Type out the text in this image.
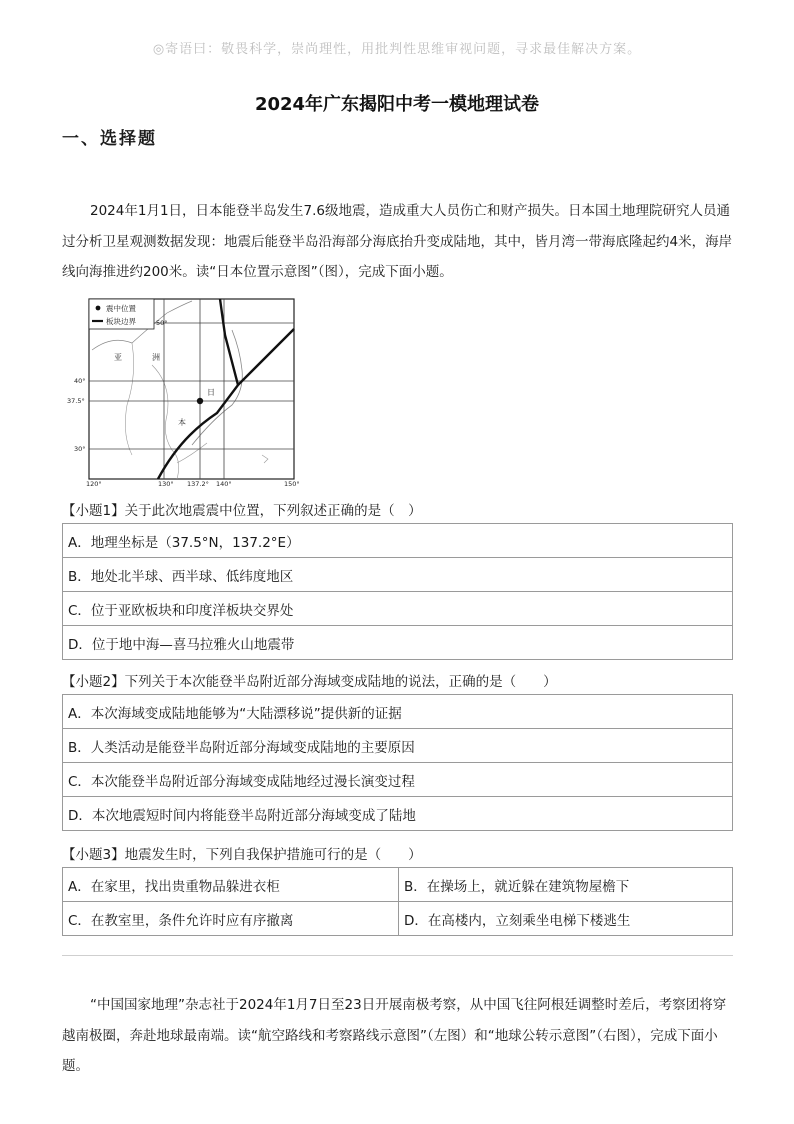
◎寄语曰：敬畏科学，崇尚理性，用批判性思维审视问题，寻求最佳解决方案。
2024年广东揭阳中考一模地理试卷
一、选择题

2024年1月1日，日本能登半岛发生7.6级地震，造成重大人员伤亡和财产损失。日本国土地理院研究人员通过分析卫星观测数据发现：地震后能登半岛沿海部分海底抬升变成陆地，其中，皆月湾一带海底隆起约4米，海岸线向海推进约200米。读“日本位置示意图”（图），完成下面小题。

震中位置
板块边界	50°
40°
37.5°
30°
120°	130° 137.2° 140°	150°
亚	洲
日
本
【小题1】关于此次地震震中位置，下列叙述正确的是（　）
A．地理坐标是（37.5°N，137.2°E）
B．地处北半球、西半球、低纬度地区
C．位于亚欧板块和印度洋板块交界处
D．位于地中海—喜马拉雅火山地震带
【小题2】下列关于本次能登半岛附近部分海域变成陆地的说法，正确的是（　　）
A．本次海域变成陆地能够为“大陆漂移说”提供新的证据
B．人类活动是能登半岛附近部分海域变成陆地的主要原因
C．本次能登半岛附近部分海域变成陆地经过漫长演变过程
D．本次地震短时间内将能登半岛附近部分海域变成了陆地
【小题3】地震发生时，下列自我保护措施可行的是（　　）
A．在家里，找出贵重物品躲进衣柜	B．在操场上，就近躲在建筑物屋檐下
C．在教室里，条件允许时应有序撤离	D．在高楼内，立刻乘坐电梯下楼逃生

“中国国家地理”杂志社于2024年1月7日至23日开展南极考察，从中国飞往阿根廷调整时差后，考察团将穿越南极圈，奔赴地球最南端。读“航空路线和考察路线示意图”（左图）和“地球公转示意图”（右图），完成下面小题。
